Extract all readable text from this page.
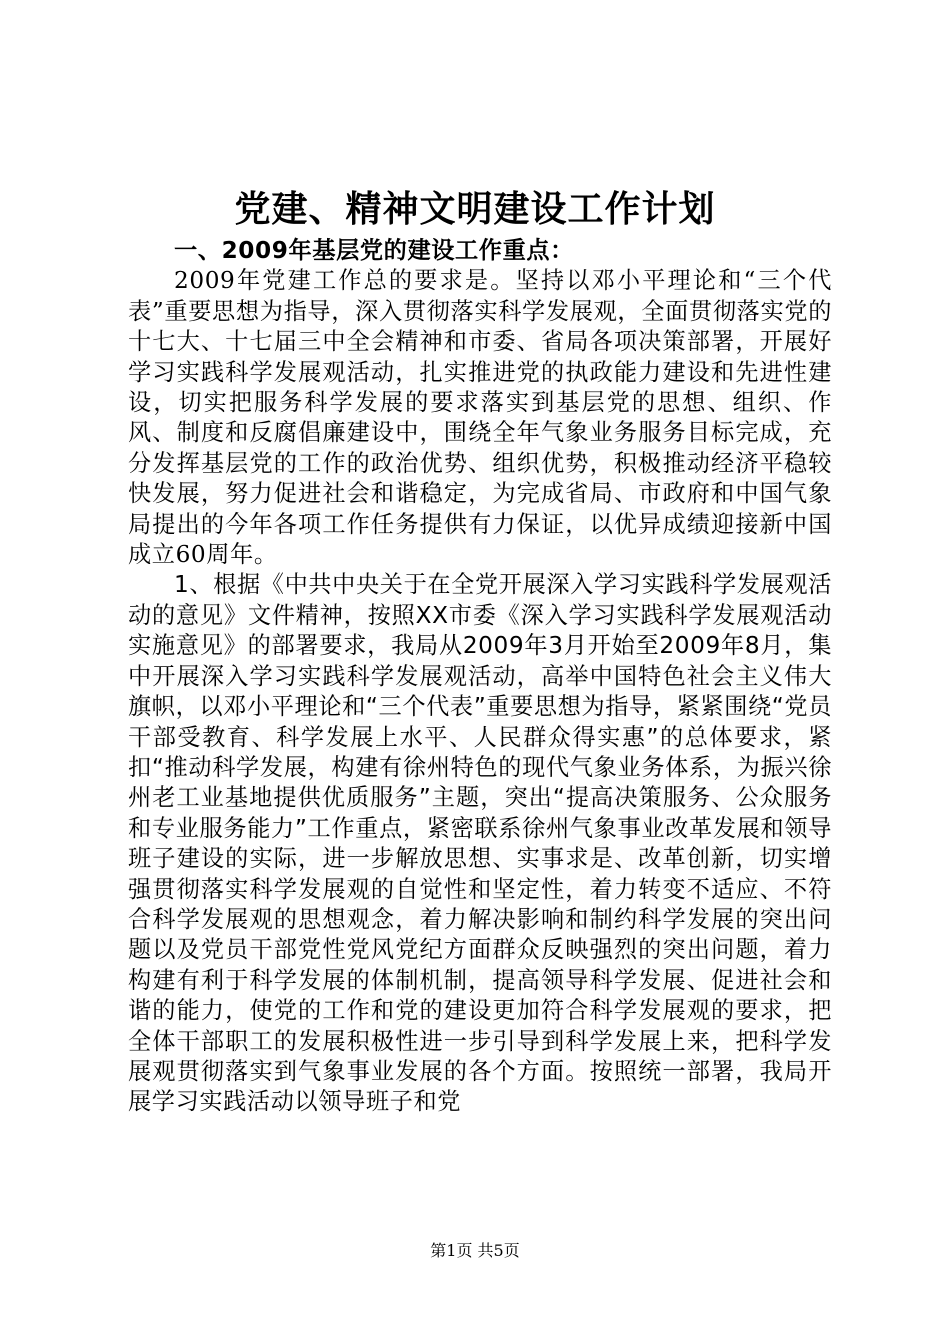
党建、精神文明建设工作计划

一、2009年基层党的建设工作重点：

2009年党建工作总的要求是。坚持以邓小平理论和“三个代表”重要思想为指导，深入贯彻落实科学发展观，全面贯彻落实党的十七大、十七届三中全会精神和市委、省局各项决策部署，开展好学习实践科学发展观活动，扎实推进党的执政能力建设和先进性建设，切实把服务科学发展的要求落实到基层党的思想、组织、作风、制度和反腐倡廉建设中，围绕全年气象业务服务目标完成，充分发挥基层党的工作的政治优势、组织优势，积极推动经济平稳较快发展，努力促进社会和谐稳定，为完成省局、市政府和中国气象局提出的今年各项工作任务提供有力保证，以优异成绩迎接新中国成立60周年。

1、根据《中共中央关于在全党开展深入学习实践科学发展观活动的意见》文件精神，按照XX市委《深入学习实践科学发展观活动实施意见》的部署要求，我局从2009年3月开始至2009年8月，集中开展深入学习实践科学发展观活动，高举中国特色社会主义伟大旗帜，以邓小平理论和“三个代表”重要思想为指导，紧紧围绕“党员干部受教育、科学发展上水平、人民群众得实惠”的总体要求，紧扣“推动科学发展，构建有徐州特色的现代气象业务体系，为振兴徐州老工业基地提供优质服务”主题，突出“提高决策服务、公众服务和专业服务能力”工作重点，紧密联系徐州气象事业改革发展和领导班子建设的实际，进一步解放思想、实事求是、改革创新，切实增强贯彻落实科学发展观的自觉性和坚定性，着力转变不适应、不符合科学发展观的思想观念，着力解决影响和制约科学发展的突出问题以及党员干部党性党风党纪方面群众反映强烈的突出问题，着力构建有利于科学发展的体制机制，提高领导科学发展、促进社会和谐的能力，使党的工作和党的建设更加符合科学发展观的要求，把全体干部职工的发展积极性进一步引导到科学发展上来，把科学发展观贯彻落实到气象事业发展的各个方面。按照统一部署，我局开展学习实践活动以领导班子和党

第1页 共5页
